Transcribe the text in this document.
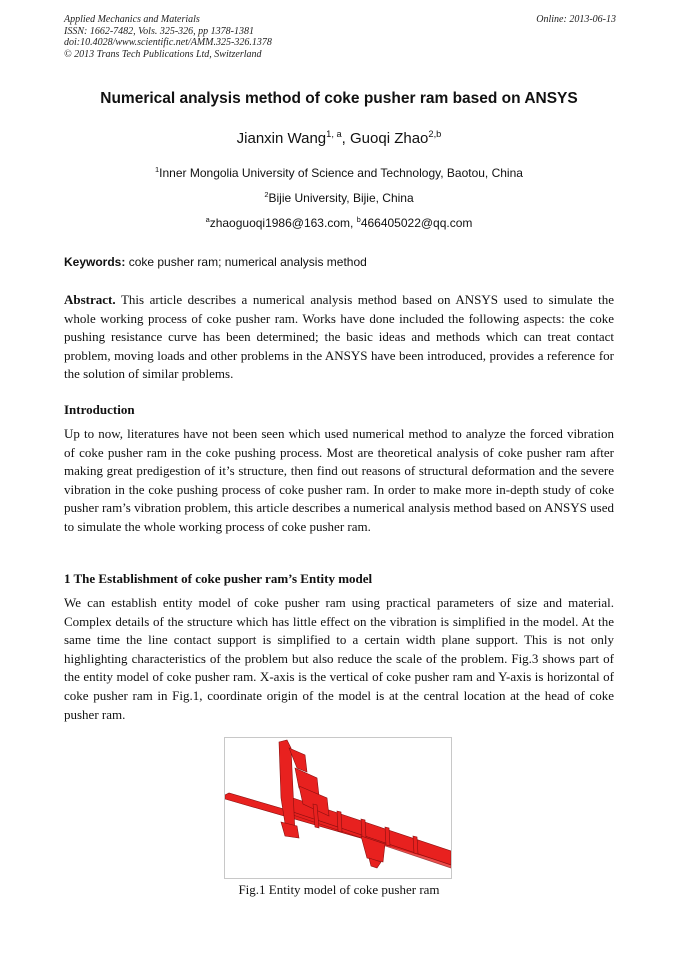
Applied Mechanics and Materials
ISSN: 1662-7482, Vols. 325-326, pp 1378-1381
doi:10.4028/www.scientific.net/AMM.325-326.1378
© 2013 Trans Tech Publications Ltd, Switzerland
Online: 2013-06-13
Numerical analysis method of coke pusher ram based on ANSYS
Jianxin Wang$^{1, a}$, Guoqi Zhao$^{2,b}$
$^1$Inner Mongolia University of Science and Technology, Baotou, China
$^2$Bijie University, Bijie, China
$^a$zhaoguoqi1986@163.com, $^b$466405022@qq.com
Keywords: coke pusher ram; numerical analysis method
Abstract. This article describes a numerical analysis method based on ANSYS used to simulate the whole working process of coke pusher ram. Works have done included the following aspects: the coke pushing resistance curve has been determined; the basic ideas and methods which can treat contact problem, moving loads and other problems in the ANSYS have been introduced, provides a reference for the solution of similar problems.
Introduction
Up to now, literatures have not been seen which used numerical method to analyze the forced vibration of coke pusher ram in the coke pushing process. Most are theoretical analysis of coke pusher ram after making great predigestion of it’s structure, then find out reasons of structural deformation and the severe vibration in the coke pushing process of coke pusher ram. In order to make more in-depth study of coke pusher ram’s vibration problem, this article describes a numerical analysis method based on ANSYS used to simulate the whole working process of coke pusher ram.
1 The Establishment of coke pusher ram’s Entity model
We can establish entity model of coke pusher ram using practical parameters of size and material. Complex details of the structure which has little effect on the vibration is simplified in the model. At the same time the line contact support is simplified to a certain width plane support. This is not only highlighting characteristics of the problem but also reduce the scale of the problem. Fig.3 shows part of the entity model of coke pusher ram. X-axis is the vertical of coke pusher ram and Y-axis is horizontal of coke pusher ram in Fig.1, coordinate origin of the model is at the central location at the head of coke pusher ram.
Fig.1 Entity model of coke pusher ram
